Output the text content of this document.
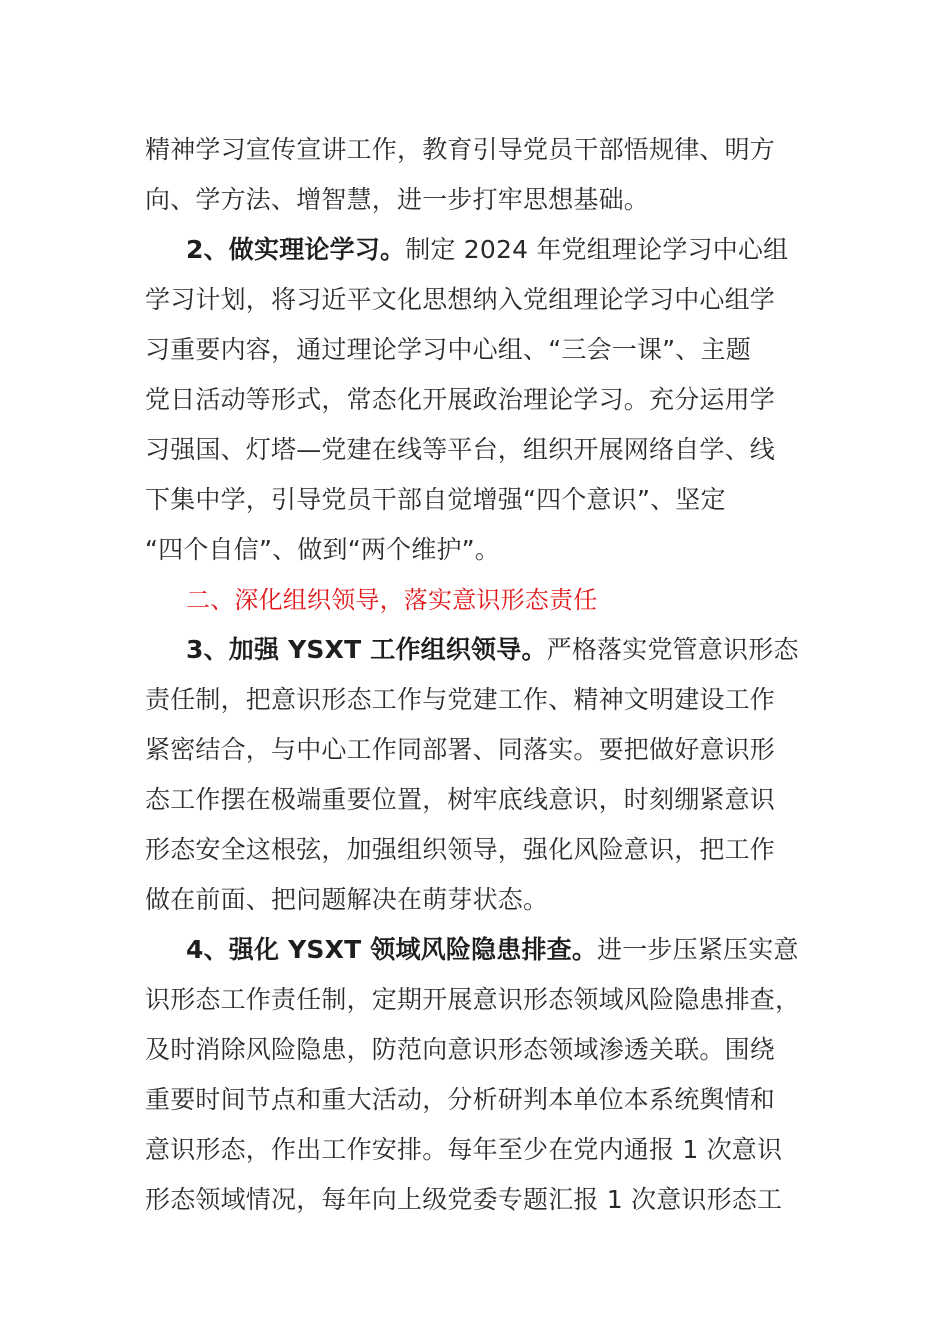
精神学习宣传宣讲工作，教育引导党员干部悟规律、明方
向、学方法、增智慧，进一步打牢思想基础。
2、做实理论学习。制定 2024 年党组理论学习中心组
学习计划，将习近平文化思想纳入党组理论学习中心组学
习重要内容，通过理论学习中心组、“三会一课”、主题
党日活动等形式，常态化开展政治理论学习。充分运用学
习强国、灯塔—党建在线等平台，组织开展网络自学、线
下集中学，引导党员干部自觉增强“四个意识”、坚定
“四个自信”、做到“两个维护”。
二、深化组织领导，落实意识形态责任
3、加强 YSXT 工作组织领导。严格落实党管意识形态
责任制，把意识形态工作与党建工作、精神文明建设工作
紧密结合，与中心工作同部署、同落实。要把做好意识形
态工作摆在极端重要位置，树牢底线意识，时刻绷紧意识
形态安全这根弦，加强组织领导，强化风险意识，把工作
做在前面、把问题解决在萌芽状态。
4、强化 YSXT 领域风险隐患排查。进一步压紧压实意
识形态工作责任制，定期开展意识形态领域风险隐患排查，
及时消除风险隐患，防范向意识形态领域渗透关联。围绕
重要时间节点和重大活动，分析研判本单位本系统舆情和
意识形态，作出工作安排。每年至少在党内通报 1 次意识
形态领域情况，每年向上级党委专题汇报 1 次意识形态工
